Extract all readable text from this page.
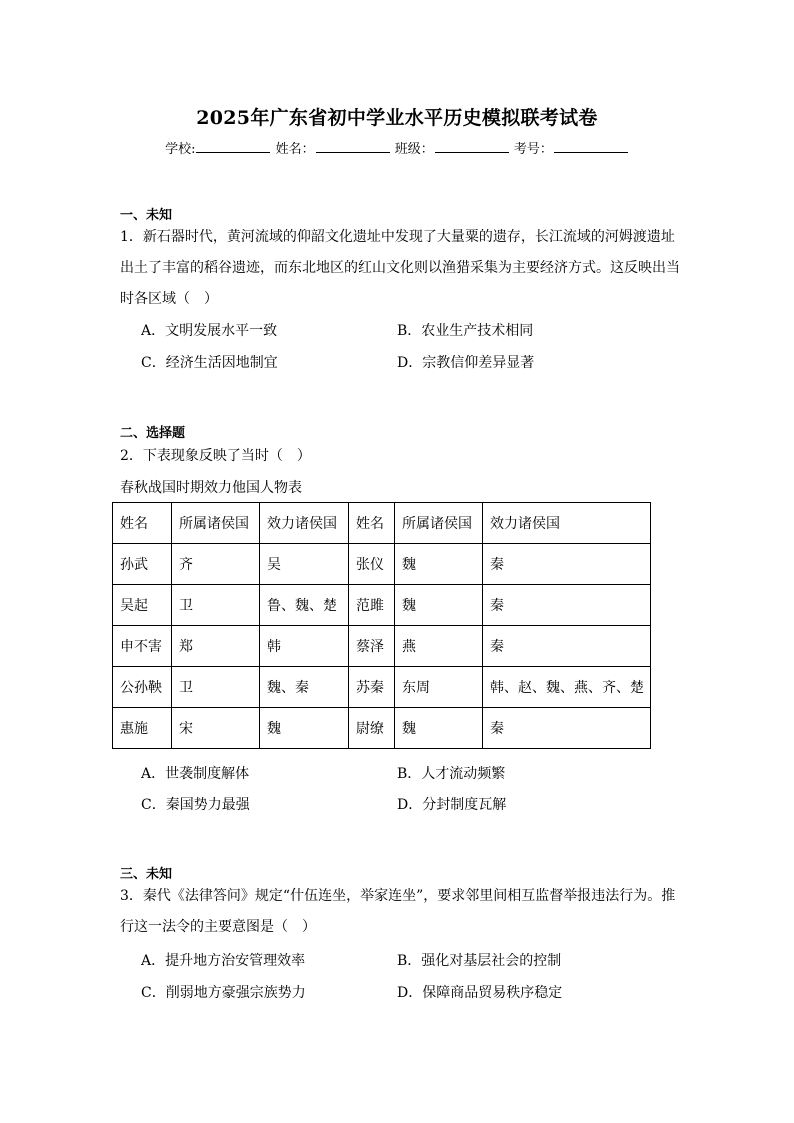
2025年广东省初中学业水平历史模拟联考试卷
学校:	姓名：	班级：	考号：
一、未知
1．新石器时代，黄河流域的仰韶文化遗址中发现了大量粟的遗存，长江流域的河姆渡遗址
出土了丰富的稻谷遗迹，而东北地区的红山文化则以渔猎采集为主要经济方式。这反映出当
时各区域（　）
A．文明发展水平一致	B．农业生产技术相同
C．经济生活因地制宜	D．宗教信仰差异显著
二、选择题
2．下表现象反映了当时（　）
春秋战国时期效力他国人物表
姓名	所属诸侯国	效力诸侯国	姓名	所属诸侯国	效力诸侯国
孙武	齐	吴	张仪	魏	秦
吴起	卫	鲁、魏、楚	范雎	魏	秦
申不害	郑	韩	蔡泽	燕	秦
公孙鞅	卫	魏、秦	苏秦	东周	韩、赵、魏、燕、齐、楚
惠施	宋	魏	尉缭	魏	秦
A．世袭制度解体	B．人才流动频繁
C．秦国势力最强	D．分封制度瓦解
三、未知
3．秦代《法律答问》规定“什伍连坐，举家连坐”，要求邻里间相互监督举报违法行为。推
行这一法令的主要意图是（　）
A．提升地方治安管理效率	B．强化对基层社会的控制
C．削弱地方豪强宗族势力	D．保障商品贸易秩序稳定
